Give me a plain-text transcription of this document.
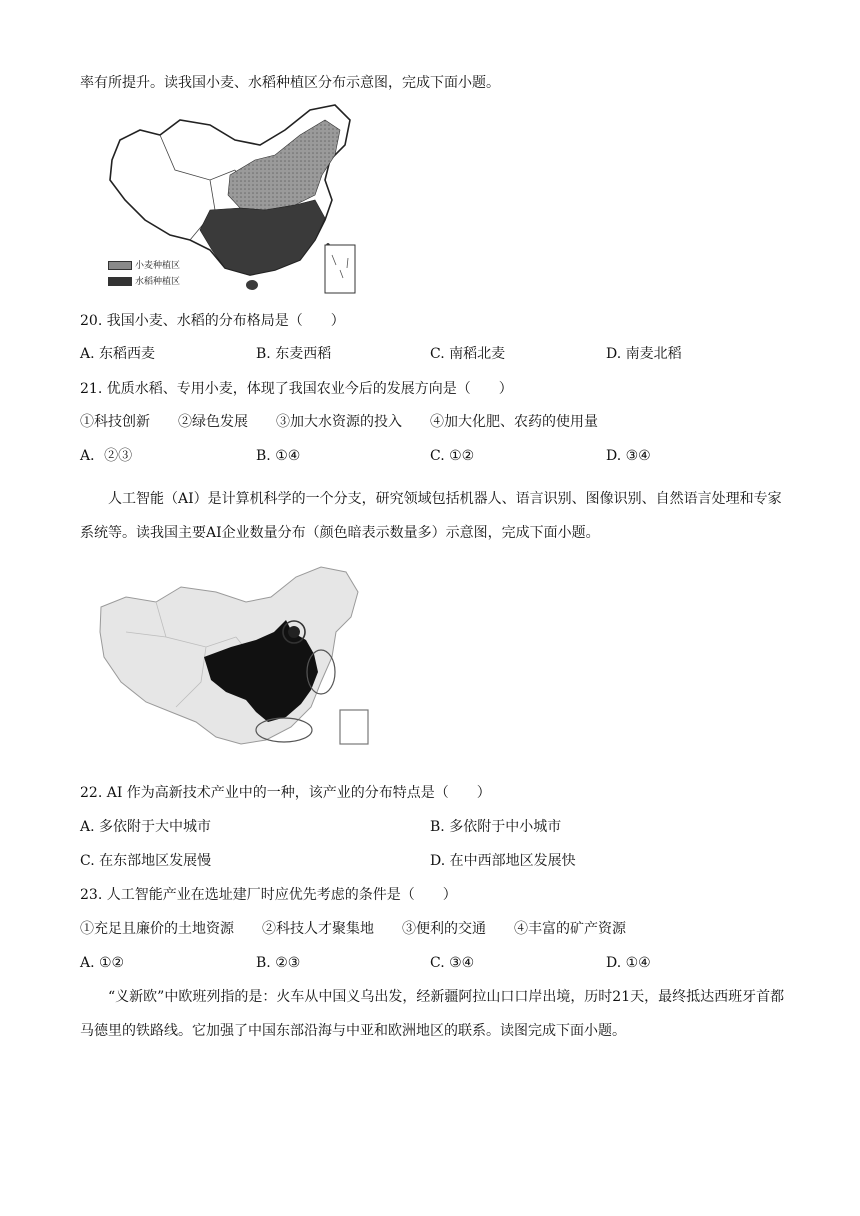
率有所提升。读我国小麦、水稻种植区分布示意图，完成下面小题。
小麦种植区
水稻种植区
20. 我国小麦、水稻的分布格局是（　　）
A. 东稻西麦	B. 东麦西稻	C. 南稻北麦	D. 南麦北稻
21. 优质水稻、专用小麦，体现了我国农业今后的发展方向是（　　）
①科技创新　　②绿色发展　　③加大水资源的投入　　④加大化肥、农药的使用量
A．②③	B. ①④	C. ①②	D. ③④
人工智能（AI）是计算机科学的一个分支，研究领域包括机器人、语言识别、图像识别、自然语言处理和专家系统等。读我国主要AI企业数量分布（颜色暗表示数量多）示意图，完成下面小题。
22. AI 作为高新技术产业中的一种，该产业的分布特点是（　　）
A. 多依附于大中城市	B. 多依附于中小城市
C. 在东部地区发展慢	D. 在中西部地区发展快
23. 人工智能产业在选址建厂时应优先考虑的条件是（　　）
①充足且廉价的土地资源　　②科技人才聚集地　　③便利的交通　　④丰富的矿产资源
A. ①②	B. ②③	C. ③④	D. ①④
“义新欧”中欧班列指的是：火车从中国义乌出发，经新疆阿拉山口口岸出境，历时21天，最终抵达西班牙首都马德里的铁路线。它加强了中国东部沿海与中亚和欧洲地区的联系。读图完成下面小题。
